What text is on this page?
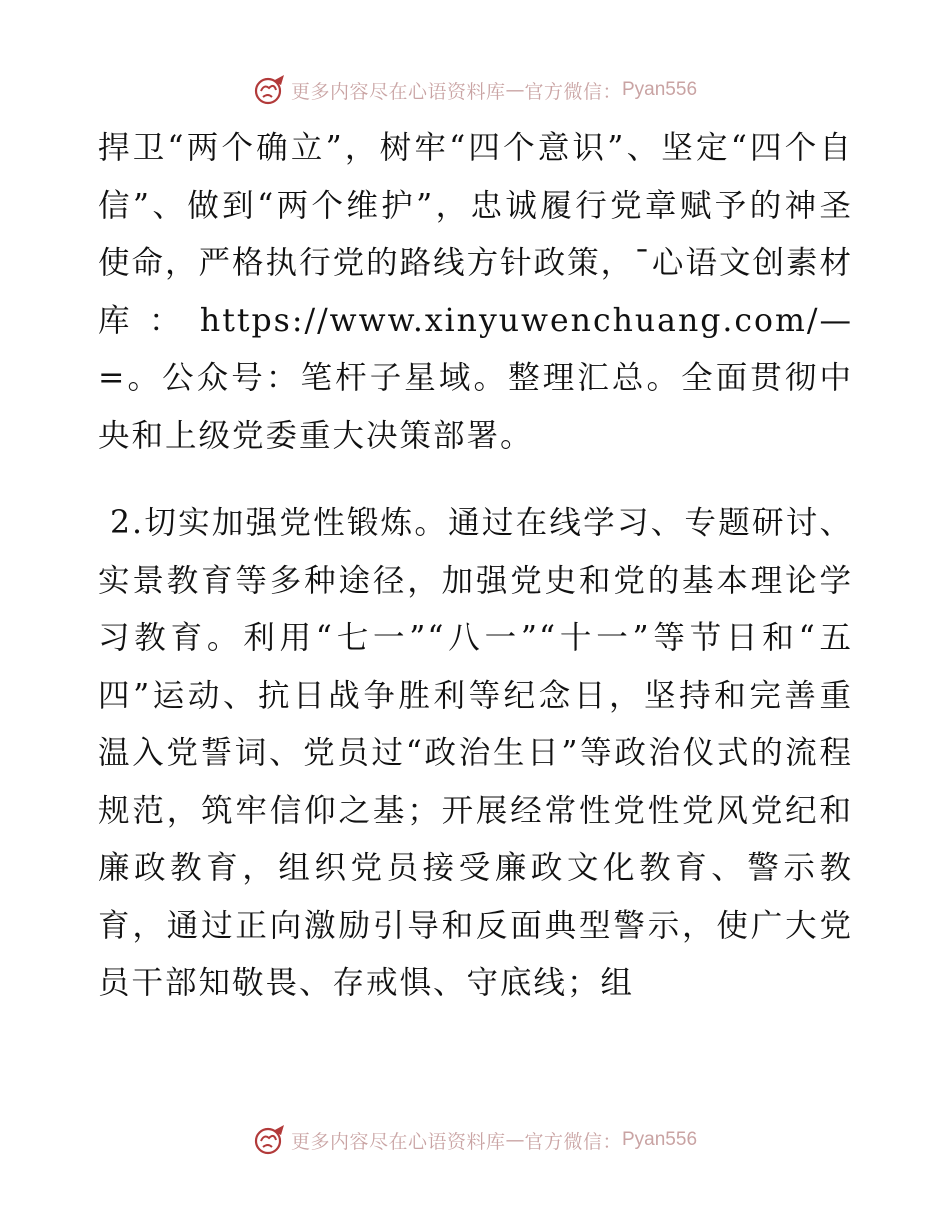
更多内容尽在心语资料库 — 官方微信： Pyan556

捍卫“两个确立”，树牢“四个意识”、坚定“四个自信”、做到“两个维护”，忠诚履行党章赋予的神圣使命，严格执行党的路线方针政策，¯心语文创素材库：https://www.xinyuwenchuang.com/—=。公众号：笔杆子星域。整理汇总。全面贯彻中央和上级党委重大决策部署。

2.切实加强党性锻炼。通过在线学习、专题研讨、实景教育等多种途径，加强党史和党的基本理论学习教育。利用“七一”“八一”“十一”等节日和“五四”运动、抗日战争胜利等纪念日，坚持和完善重温入党誓词、党员过“政治生日”等政治仪式的流程规范，筑牢信仰之基；开展经常性党性党风党纪和廉政教育，组织党员接受廉政文化教育、警示教育，通过正向激励引导和反面典型警示，使广大党员干部知敬畏、存戒惧、守底线；组

更多内容尽在心语资料库 — 官方微信： Pyan556
